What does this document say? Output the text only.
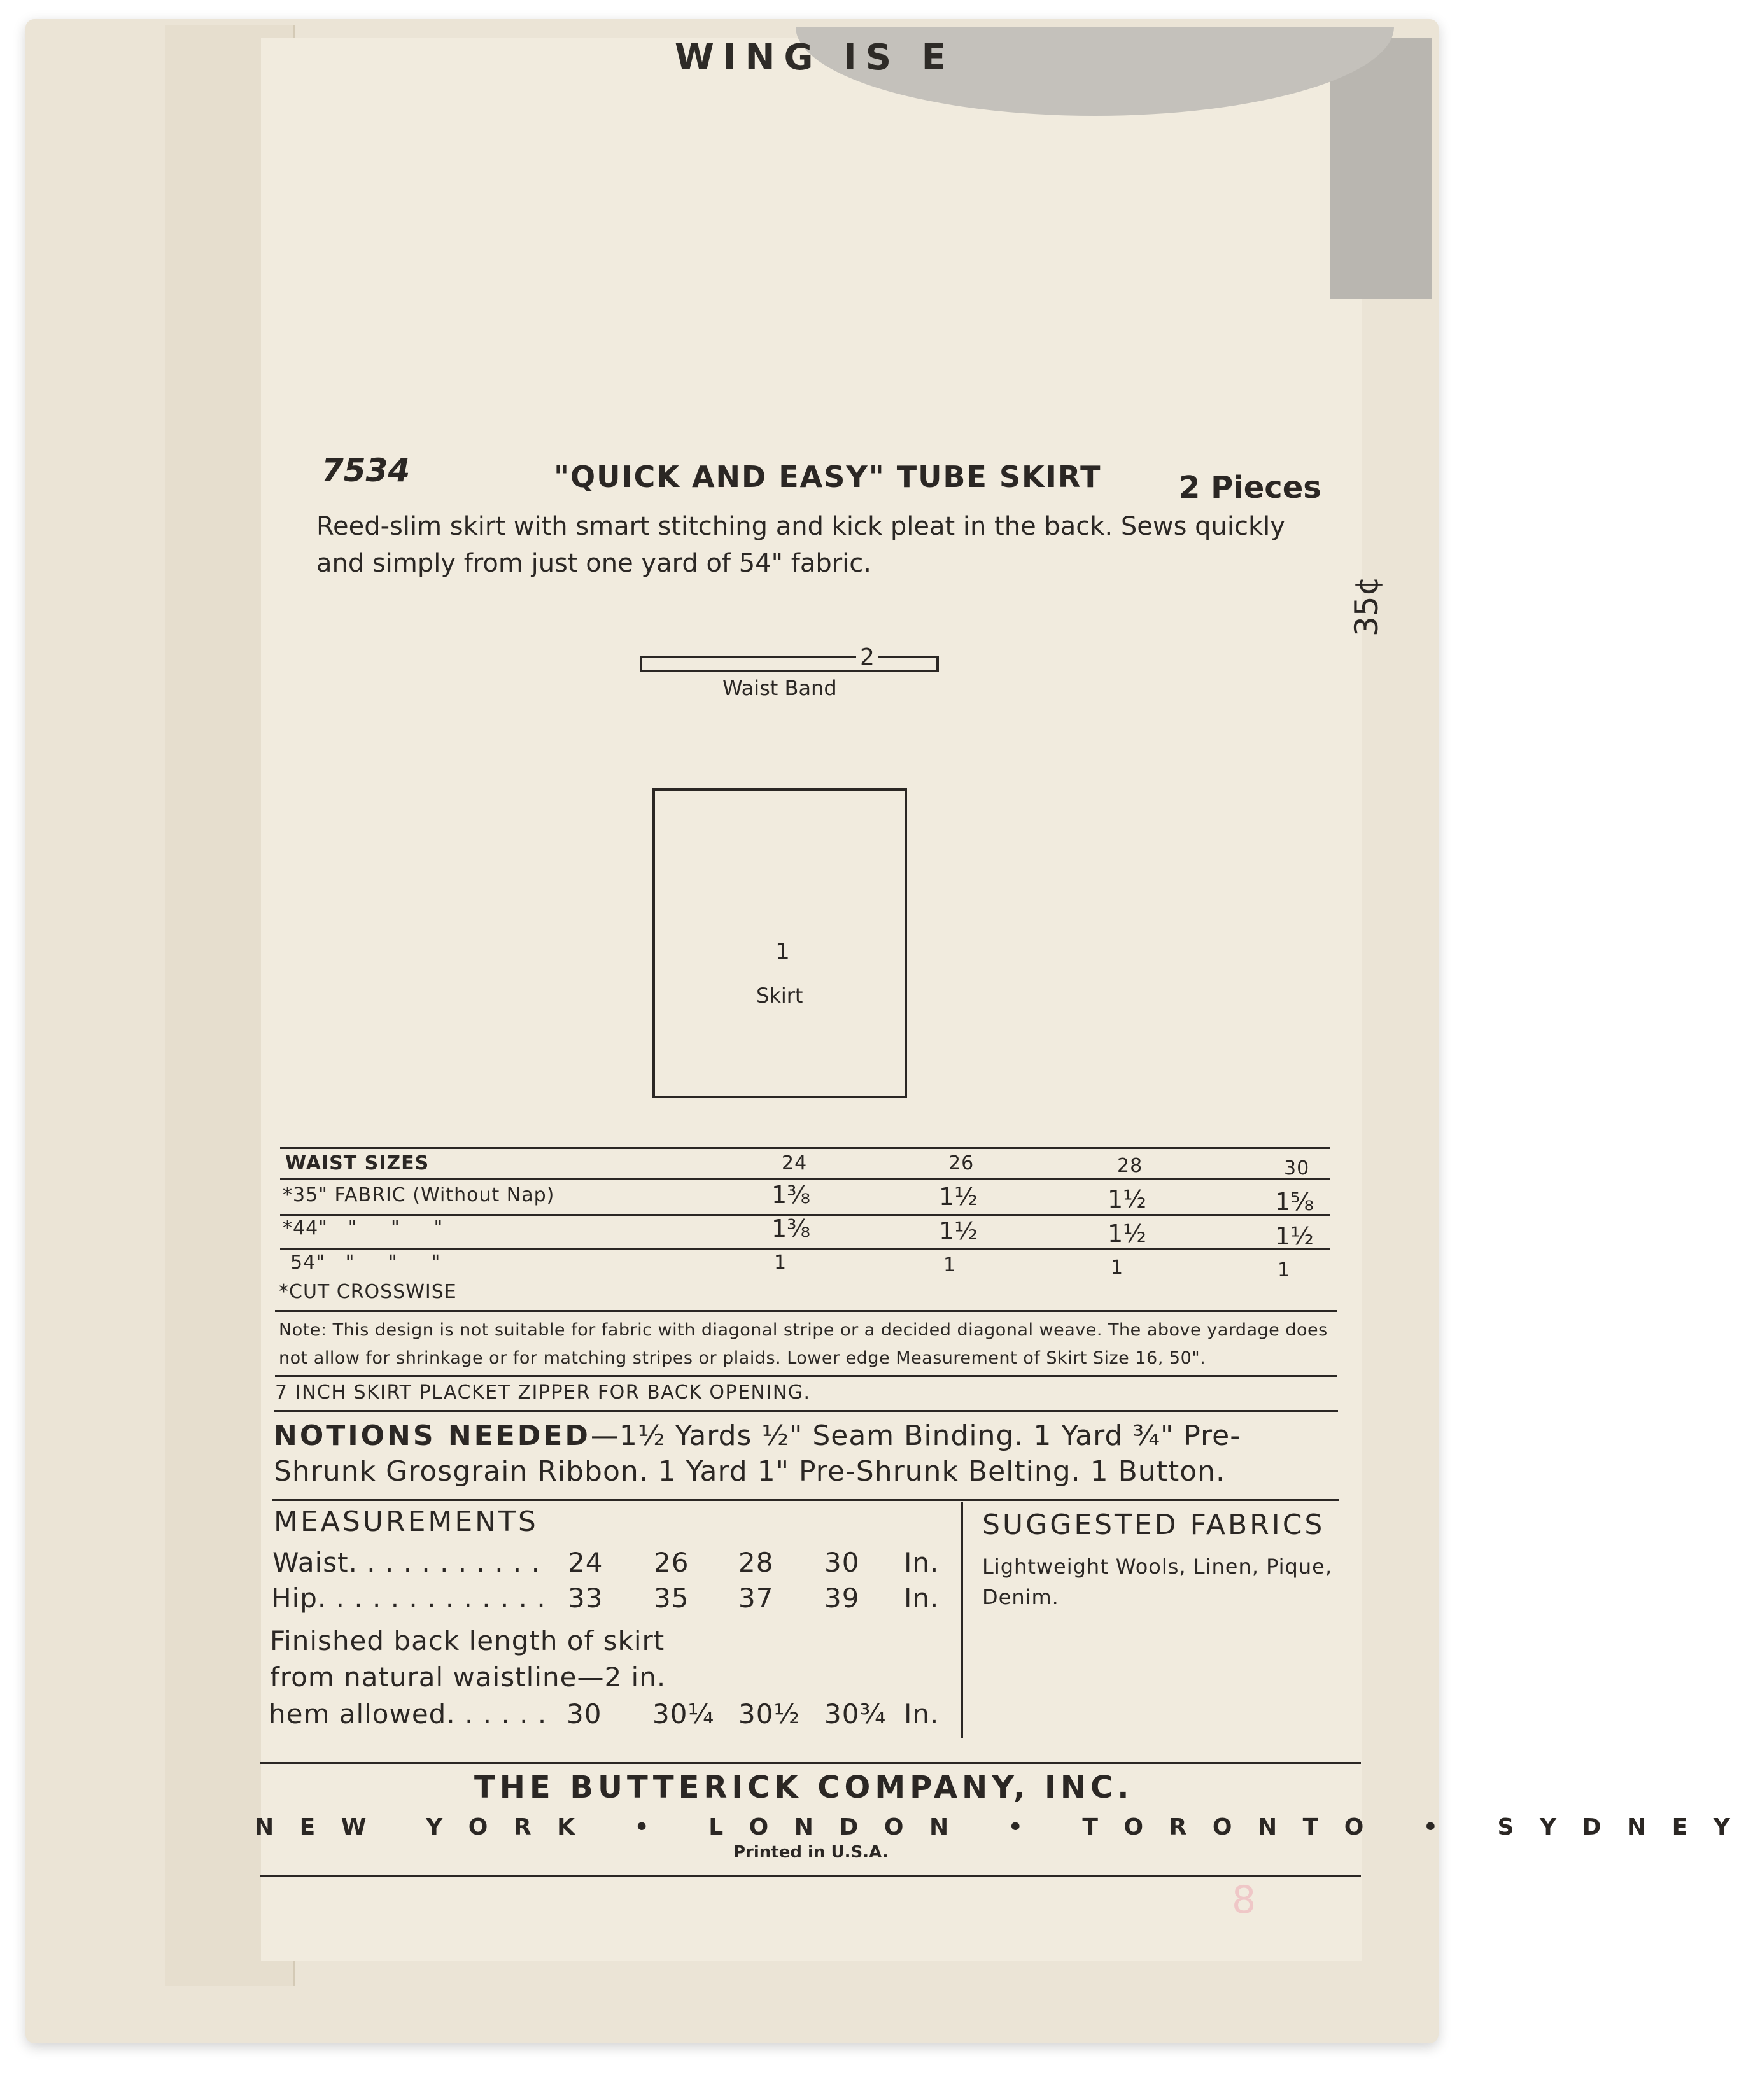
WING IS E
35¢
7534	"QUICK AND EASY" TUBE SKIRT	2 Pieces
Reed-slim skirt with smart stitching and kick pleat in the back. Sews quickly and simply from just one yard of 54" fabric.
2
Waist Band
1
Skirt
WAIST SIZES	24	26	28	30
*35" FABRIC (Without Nap)	1⅜	1½	1½	1⅝
*44"   "     "     "	1⅜	1½	1½	1½
54"   "     "     "	1	1	1	1
*CUT CROSSWISE
Note: This design is not suitable for fabric with diagonal stripe or a decided diagonal weave. The above yardage does not allow for shrinkage or for matching stripes or plaids. Lower edge Measurement of Skirt Size 16, 50".
7 INCH SKIRT PLACKET ZIPPER FOR BACK OPENING.
NOTIONS NEEDED—1½ Yards ½" Seam Binding. 1 Yard ¾" Pre-Shrunk Grosgrain Ribbon. 1 Yard 1" Pre-Shrunk Belting. 1 Button.
MEASUREMENTS
Waist. . . . . . . . . . . 24 26 28 30 In.
Hip. . . . . . . . . . . . . 33 35 37 39 In.
Finished back length of skirt
from natural waistline—2 in.
hem allowed. . . . . . 30 30¼ 30½ 30¾ In.
SUGGESTED FABRICS
Lightweight Wools, Linen, Pique, Denim.
THE BUTTERICK COMPANY, INC.
N E W   Y O R K   •   L O N D O N   •   T O R O N T O   •   S Y D N E Y
Printed in U.S.A.
8
